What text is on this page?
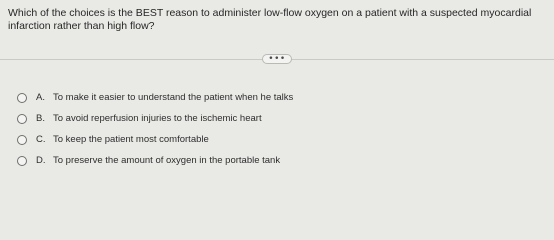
Which of the choices is the BEST reason to administer low-flow oxygen on a patient with a suspected myocardial infarction rather than high flow?
•••
A. To make it easier to understand the patient when he talks
B. To avoid reperfusion injuries to the ischemic heart
C. To keep the patient most comfortable
D. To preserve the amount of oxygen in the portable tank
